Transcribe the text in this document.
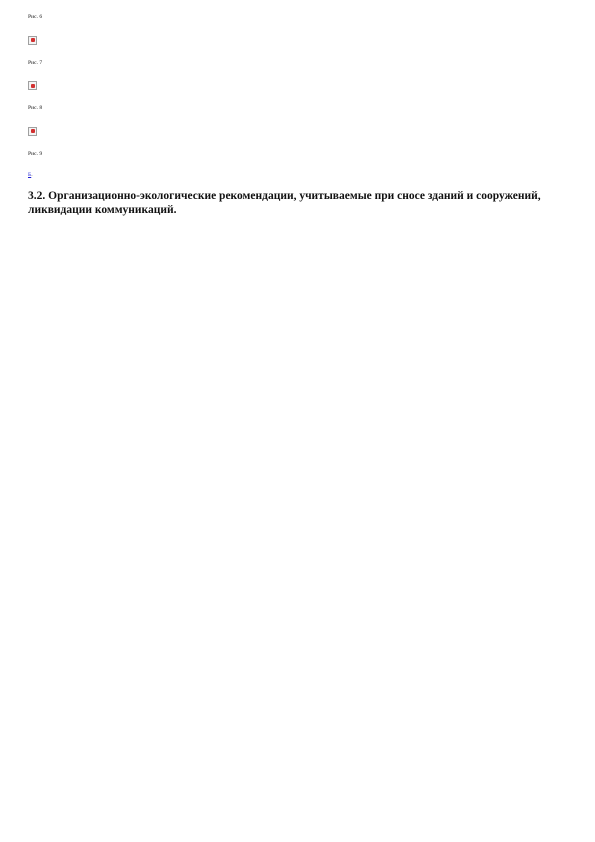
Рис. 6

Рис. 7

Рис. 8

Рис. 9

Б.

3.2. Организационно-экологические рекомендации, учитываемые при сносе зданий и сооружений, ликвидации коммуникаций.
